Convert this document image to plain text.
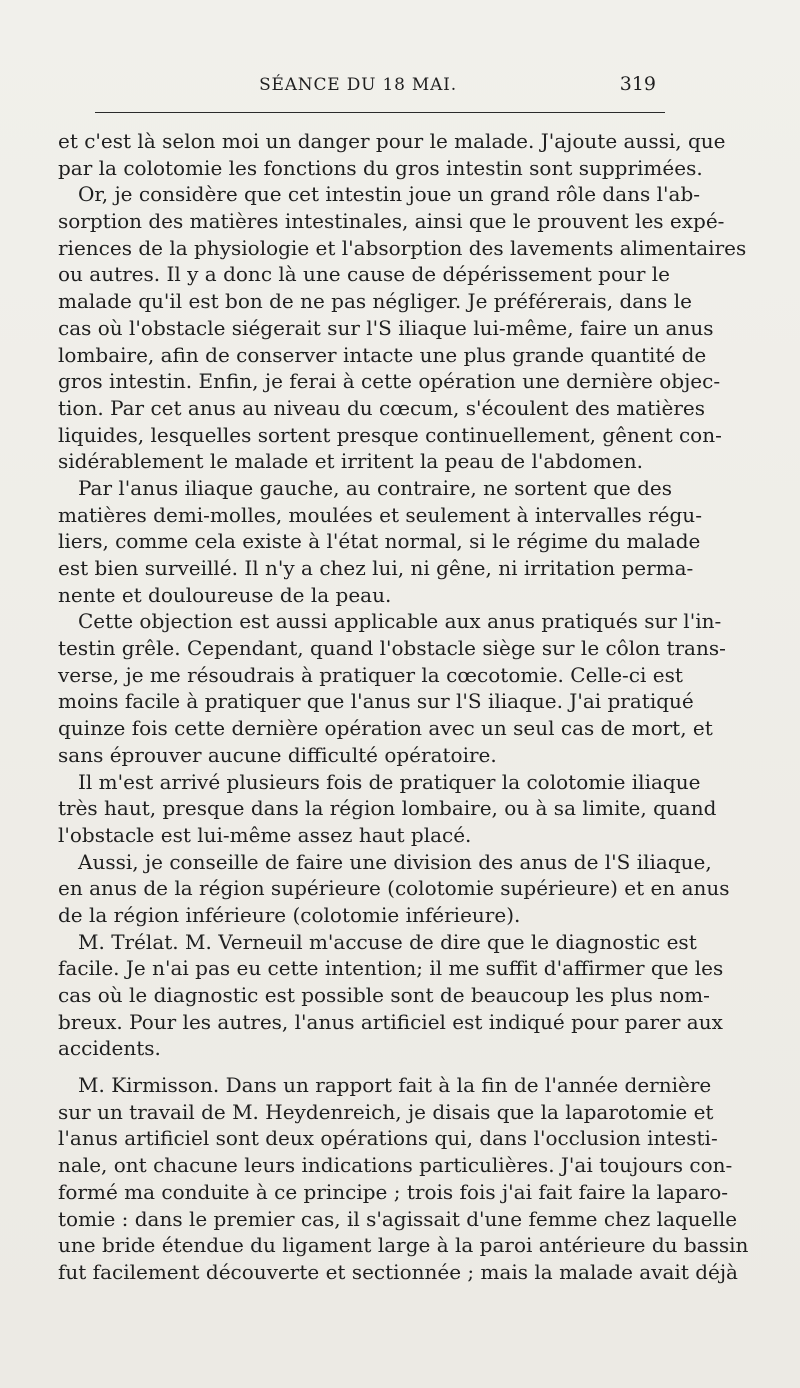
SÉANCE DU 18 MAI.	319
et c'est là selon moi un danger pour le malade. J'ajoute aussi, que
par la colotomie les fonctions du gros intestin sont supprimées.
Or, je considère que cet intestin joue un grand rôle dans l'ab-
sorption des matières intestinales, ainsi que le prouvent les expé-
riences de la physiologie et l'absorption des lavements alimentaires
ou autres. Il y a donc là une cause de dépérissement pour le
malade qu'il est bon de ne pas négliger. Je préférerais, dans le
cas où l'obstacle siégerait sur l'S iliaque lui-même, faire un anus
lombaire, afin de conserver intacte une plus grande quantité de
gros intestin. Enfin, je ferai à cette opération une dernière objec-
tion. Par cet anus au niveau du cœcum, s'écoulent des matières
liquides, lesquelles sortent presque continuellement, gênent con-
sidérablement le malade et irritent la peau de l'abdomen.
Par l'anus iliaque gauche, au contraire, ne sortent que des
matières demi-molles, moulées et seulement à intervalles régu-
liers, comme cela existe à l'état normal, si le régime du malade
est bien surveillé. Il n'y a chez lui, ni gêne, ni irritation perma-
nente et douloureuse de la peau.
Cette objection est aussi applicable aux anus pratiqués sur l'in-
testin grêle. Cependant, quand l'obstacle siège sur le côlon trans-
verse, je me résoudrais à pratiquer la cœcotomie. Celle-ci est
moins facile à pratiquer que l'anus sur l'S iliaque. J'ai pratiqué
quinze fois cette dernière opération avec un seul cas de mort, et
sans éprouver aucune difficulté opératoire.
Il m'est arrivé plusieurs fois de pratiquer la colotomie iliaque
très haut, presque dans la région lombaire, ou à sa limite, quand
l'obstacle est lui-même assez haut placé.
Aussi, je conseille de faire une division des anus de l'S iliaque,
en anus de la région supérieure (colotomie supérieure) et en anus
de la région inférieure (colotomie inférieure).
M. Trélat. M. Verneuil m'accuse de dire que le diagnostic est
facile. Je n'ai pas eu cette intention; il me suffit d'affirmer que les
cas où le diagnostic est possible sont de beaucoup les plus nom-
breux. Pour les autres, l'anus artificiel est indiqué pour parer aux
accidents.
M. Kirmisson. Dans un rapport fait à la fin de l'année dernière
sur un travail de M. Heydenreich, je disais que la laparotomie et
l'anus artificiel sont deux opérations qui, dans l'occlusion intesti-
nale, ont chacune leurs indications particulières. J'ai toujours con-
formé ma conduite à ce principe ; trois fois j'ai fait faire la laparo-
tomie : dans le premier cas, il s'agissait d'une femme chez laquelle
une bride étendue du ligament large à la paroi antérieure du bassin
fut facilement découverte et sectionnée ; mais la malade avait déjà
